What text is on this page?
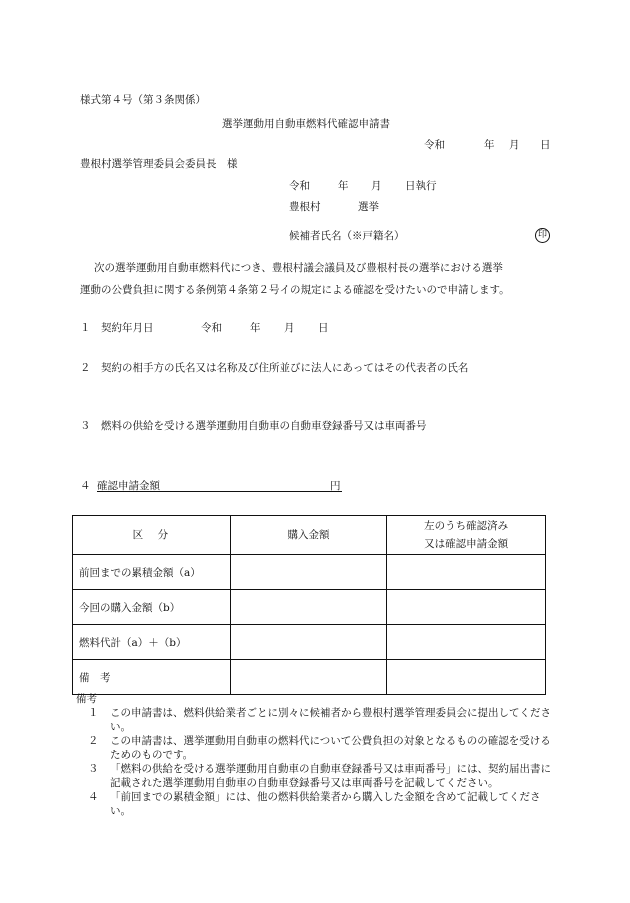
様式第４号（第３条関係）
選挙運動用自動車燃料代確認申請書
令和	年 月 日
豊根村選挙管理委員会委員長　様
令和	年 月 日執行
豊根村	選挙
候補者氏名（※戸籍名）	印
次の選挙運動用自動車燃料代につき、豊根村議会議員及び豊根村長の選挙における選挙
運動の公費負担に関する条例第４条第２号イの規定による確認を受けたいので申請します。
１　契約年月日	令和	年 月 日
２　契約の相手方の氏名又は名称及び住所並びに法人にあってはその代表者の氏名
３　燃料の供給を受ける選挙運動用自動車の自動車登録番号又は車両番号
４ 確認申請金額	円
区　分	購入金額	左のうち確認済み
又は確認申請金額

前回までの累積金額（a）		
今回の購入金額（b）		
燃料代計（a）＋（b）		
備　考		
備考
１	この申請書は、燃料供給業者ごとに別々に候補者から豊根村選挙管理委員会に提出してください。
２	この申請書は、選挙運動用自動車の燃料代について公費負担の対象となるものの確認を受けるためのものです。
３	「燃料の供給を受ける選挙運動用自動車の自動車登録番号又は車両番号」には、契約届出書に記載された選挙運動用自動車の自動車登録番号又は車両番号を記載してください。
４	「前回までの累積金額」には、他の燃料供給業者から購入した金額を含めて記載してください。
